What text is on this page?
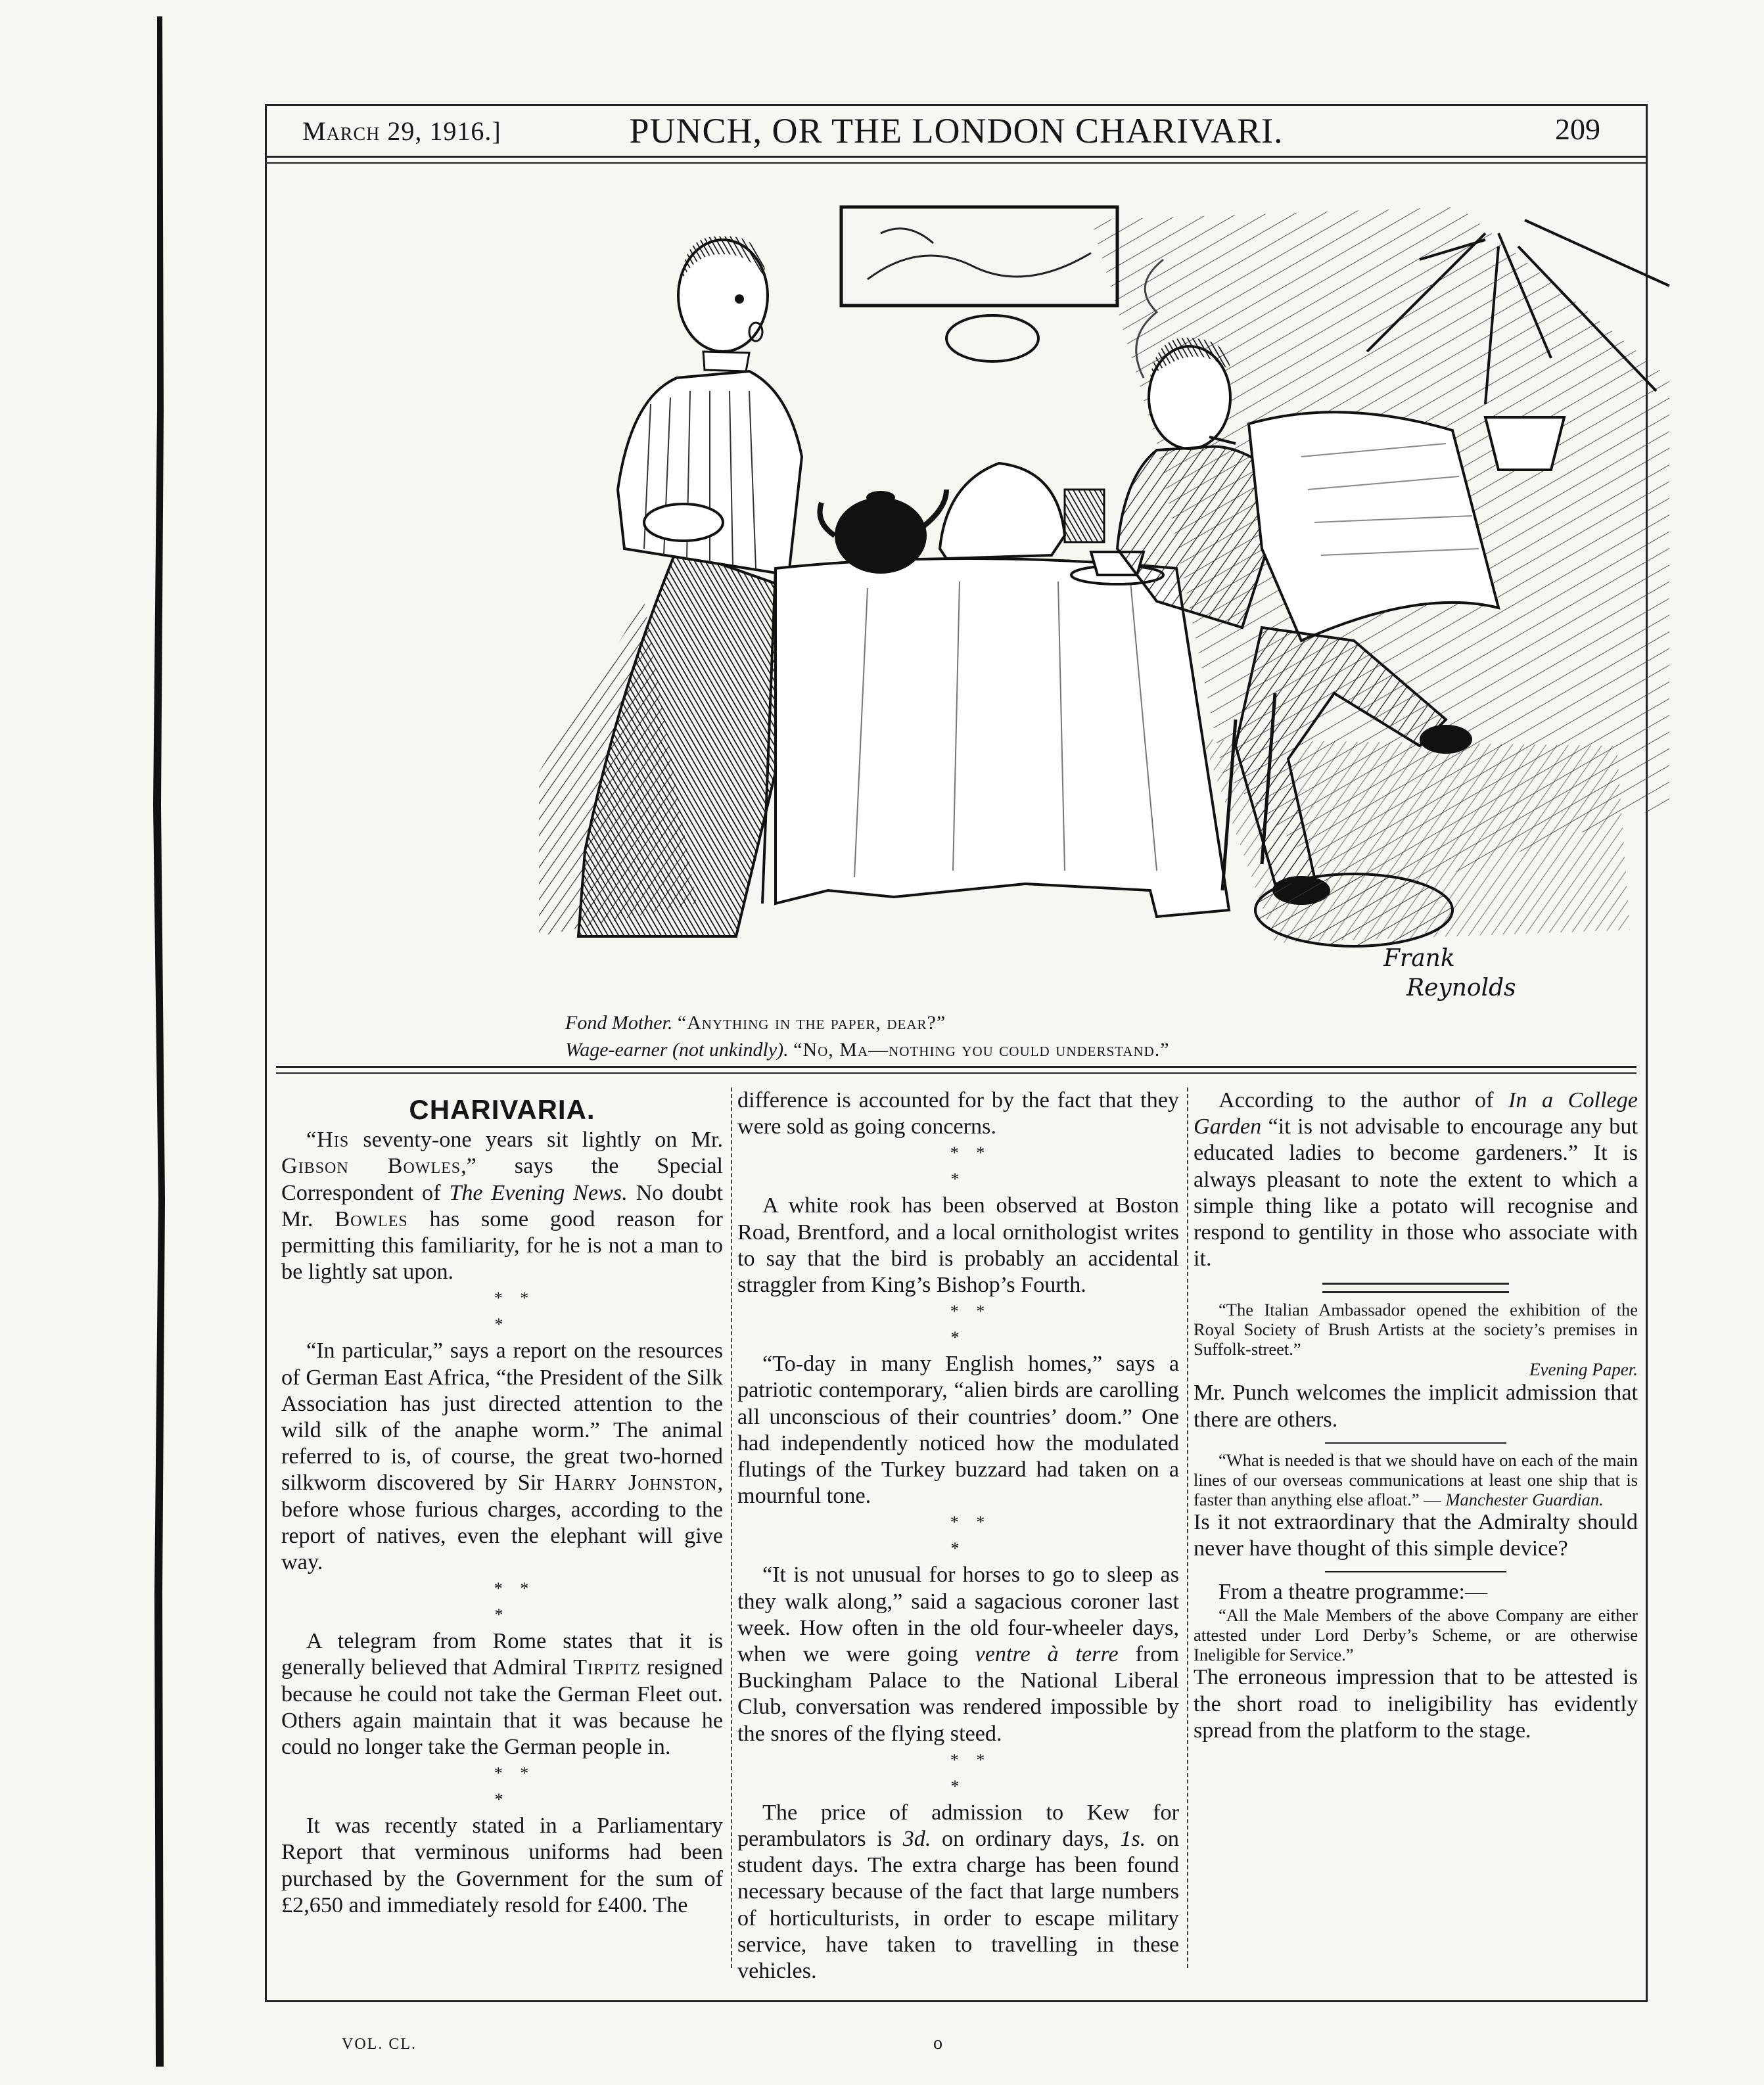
March 29, 1916.]	PUNCH, OR THE LONDON CHARIVARI.	209
Frank
Reynolds
Fond Mother. “Anything in the paper, dear?”
Wage-earner (not unkindly). “No, Ma—nothing you could understand.”
CHARIVARIA.

“His seventy-one years sit lightly on Mr. Gibson Bowles,” says the Special Correspondent of The Evening News. No doubt Mr. Bowles has some good reason for permitting this familiarity, for he is not a man to be lightly sat upon.

* *
*

“In particular,” says a report on the resources of German East Africa, “the President of the Silk Association has just directed attention to the wild silk of the anaphe worm.” The animal referred to is, of course, the great two-horned silkworm discovered by Sir Harry Johnston, before whose furious charges, according to the report of natives, even the elephant will give way.

* *
*

A telegram from Rome states that it is generally believed that Admiral Tirpitz resigned because he could not take the German Fleet out. Others again maintain that it was because he could no longer take the German people in.

* *
*

It was recently stated in a Parliamentary Report that verminous uniforms had been purchased by the Government for the sum of £2,650 and immediately resold for £400. The

difference is accounted for by the fact that they were sold as going concerns.

* *
*

A white rook has been observed at Boston Road, Brentford, and a local ornithologist writes to say that the bird is probably an accidental straggler from King’s Bishop’s Fourth.

* *
*

“To-day in many English homes,” says a patriotic contemporary, “alien birds are carolling all unconscious of their countries’ doom.” One had independently noticed how the modulated flutings of the Turkey buzzard had taken on a mournful tone.

* *
*

“It is not unusual for horses to go to sleep as they walk along,” said a sagacious coroner last week. How often in the old four-wheeler days, when we were going ventre à terre from Buckingham Palace to the National Liberal Club, conversation was rendered impossible by the snores of the flying steed.

* *
*

The price of admission to Kew for perambulators is 3d. on ordinary days, 1s. on student days. The extra charge has been found necessary because of the fact that large numbers of horticulturists, in order to escape military service, have taken to travelling in these vehicles.

According to the author of In a College Garden “it is not advisable to encourage any but educated ladies to become gardeners.” It is always pleasant to note the extent to which a simple thing like a potato will recognise and respond to gentility in those who associate with it.

“The Italian Ambassador opened the exhibition of the Royal Society of Brush Artists at the society’s premises in Suffolk-street.”

Evening Paper.

Mr. Punch welcomes the implicit admission that there are others.

“What is needed is that we should have on each of the main lines of our overseas communications at least one ship that is faster than anything else afloat.” — Manchester Guardian.

Is it not extraordinary that the Admiralty should never have thought of this simple device?

From a theatre programme:—

“All the Male Members of the above Company are either attested under Lord Derby’s Scheme, or are otherwise Ineligible for Service.”

The erroneous impression that to be attested is the short road to ineligibility has evidently spread from the platform to the stage.

VOL. CL.	o
